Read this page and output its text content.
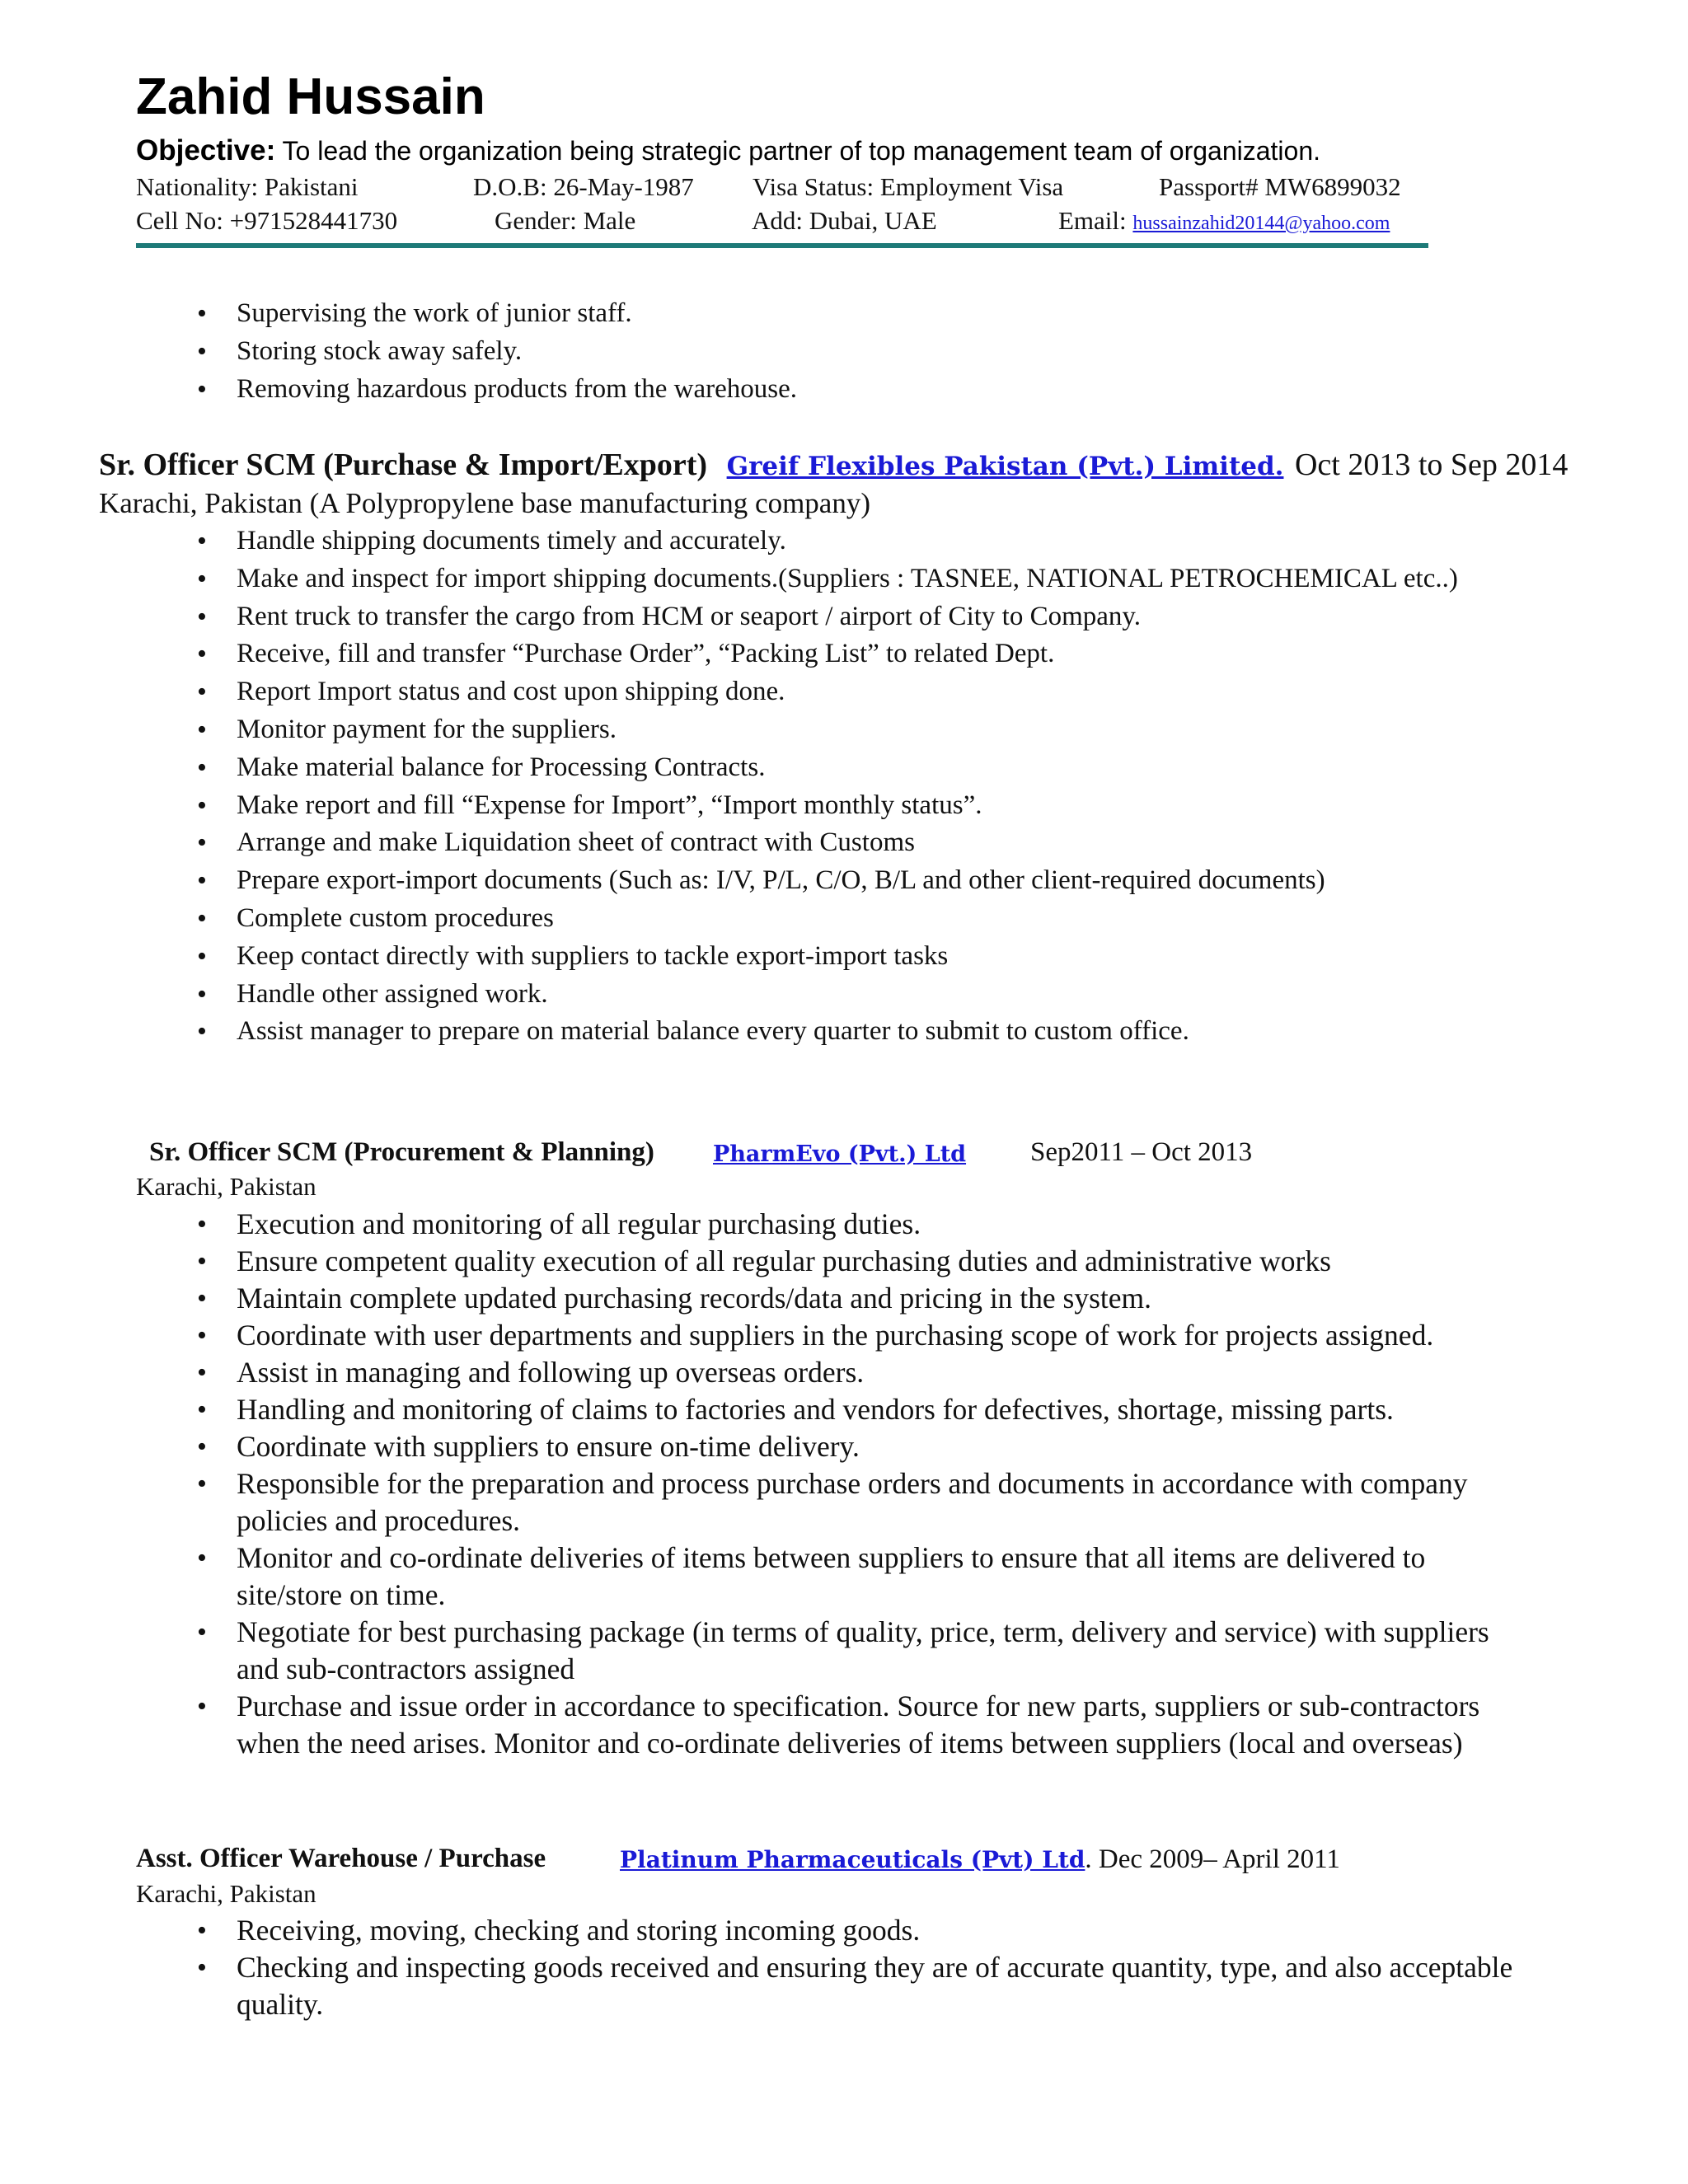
Zahid Hussain
Objective: To lead the organization being strategic partner of top management team of organization.
Nationality: Pakistani	D.O.B: 26-May-1987 Visa Status: Employment Visa	Passport# MW6899032
Cell No: +971528441730	Gender: Male	Add: Dubai, UAE	Email: hussainzahid20144@yahoo.com
• Supervising the work of junior staff.
• Storing stock away safely.
• Removing hazardous products from the warehouse.
Sr. Officer SCM (Purchase & Import/Export) Greif Flexibles Pakistan (Pvt.) Limited. Oct 2013 to Sep 2014
Karachi, Pakistan (A Polypropylene base manufacturing company)
• Handle shipping documents timely and accurately.
• Make and inspect for import shipping documents.(Suppliers : TASNEE, NATIONAL PETROCHEMICAL etc..)
• Rent truck to transfer the cargo from HCM or seaport / airport of City to Company.
• Receive, fill and transfer “Purchase Order”, “Packing List” to related Dept.
• Report Import status and cost upon shipping done.
• Monitor payment for the suppliers.
• Make material balance for Processing Contracts.
• Make report and fill “Expense for Import”, “Import monthly status”.
• Arrange and make Liquidation sheet of contract with Customs
• Prepare export-import documents (Such as: I/V, P/L, C/O, B/L and other client-required documents)
• Complete custom procedures
• Keep contact directly with suppliers to tackle export-import tasks
• Handle other assigned work.
• Assist manager to prepare on material balance every quarter to submit to custom office.
Sr. Officer SCM (Procurement & Planning)	PharmEvo (Pvt.) Ltd Sep2011 – Oct 2013
Karachi, Pakistan
• Execution and monitoring of all regular purchasing duties.
• Ensure competent quality execution of all regular purchasing duties and administrative works
• Maintain complete updated purchasing records/data and pricing in the system.
• Coordinate with user departments and suppliers in the purchasing scope of work for projects assigned.
• Assist in managing and following up overseas orders.
• Handling and monitoring of claims to factories and vendors for defectives, shortage, missing parts.
• Coordinate with suppliers to ensure on-time delivery.
• Responsible for the preparation and process purchase orders and documents in accordance with company
policies and procedures.
• Monitor and co-ordinate deliveries of items between suppliers to ensure that all items are delivered to
site/store on time.
• Negotiate for best purchasing package (in terms of quality, price, term, delivery and service) with suppliers
and sub-contractors assigned
• Purchase and issue order in accordance to specification. Source for new parts, suppliers or sub-contractors
when the need arises. Monitor and co-ordinate deliveries of items between suppliers (local and overseas)
Asst. Officer Warehouse / Purchase	Platinum Pharmaceuticals (Pvt) Ltd. Dec 2009– April 2011
Karachi, Pakistan
• Receiving, moving, checking and storing incoming goods.
• Checking and inspecting goods received and ensuring they are of accurate quantity, type, and also acceptable
quality.
